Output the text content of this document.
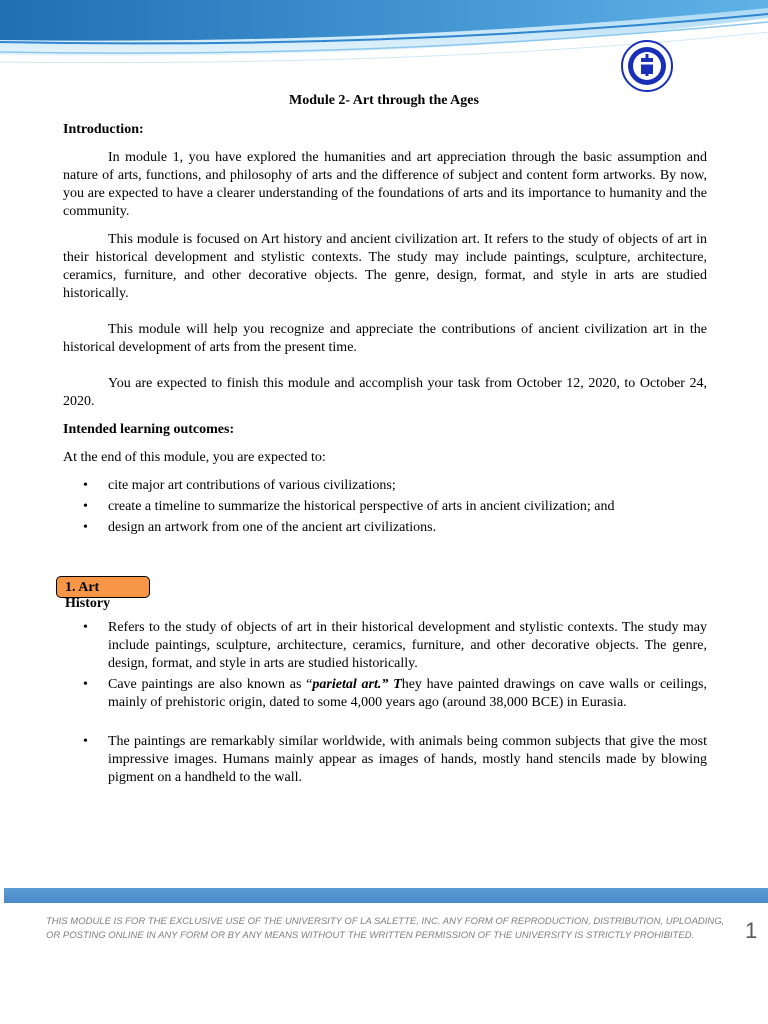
Module 2- Art through the Ages
Introduction:

In module 1, you have explored the humanities and art appreciation through the basic assumption and nature of arts, functions, and philosophy of arts and the difference of subject and content form artworks. By now, you are expected to have a clearer understanding of the foundations of arts and its importance to humanity and the community.

This module is focused on Art history and ancient civilization art. It refers to the study of objects of art in their historical development and stylistic contexts. The study may include paintings, sculpture, architecture, ceramics, furniture, and other decorative objects. The genre, design, format, and style in arts are studied historically.

This module will help you recognize and appreciate the contributions of ancient civilization art in the historical development of arts from the present time.

You are expected to finish this module and accomplish your task from October 12, 2020, to October 24, 2020.

Intended learning outcomes:

At the end of this module, you are expected to:

• cite major art contributions of various civilizations;
• create a timeline to summarize the historical perspective of arts in ancient civilization; and
• design an artwork from one of the ancient art civilizations.
1. Art History
• Refers to the study of objects of art in their historical development and stylistic contexts. The study may include paintings, sculpture, architecture, ceramics, furniture, and other decorative objects. The genre, design, format, and style in arts are studied historically.
• Cave paintings are also known as “parietal art.” They have painted drawings on cave walls or ceilings, mainly of prehistoric origin, dated to some 4,000 years ago (around 38,000 BCE) in Eurasia.
• The paintings are remarkably similar worldwide, with animals being common subjects that give the most impressive images. Humans mainly appear as images of hands, mostly hand stencils made by blowing pigment on a handheld to the wall.
THIS MODULE IS FOR THE EXCLUSIVE USE OF THE UNIVERSITY OF LA SALETTE, INC. ANY FORM OF REPRODUCTION, DISTRIBUTION, UPLOADING, OR POSTING ONLINE IN ANY FORM OR BY ANY MEANS WITHOUT THE WRITTEN PERMISSION OF THE UNIVERSITY IS STRICTLY PROHIBITED.	1
